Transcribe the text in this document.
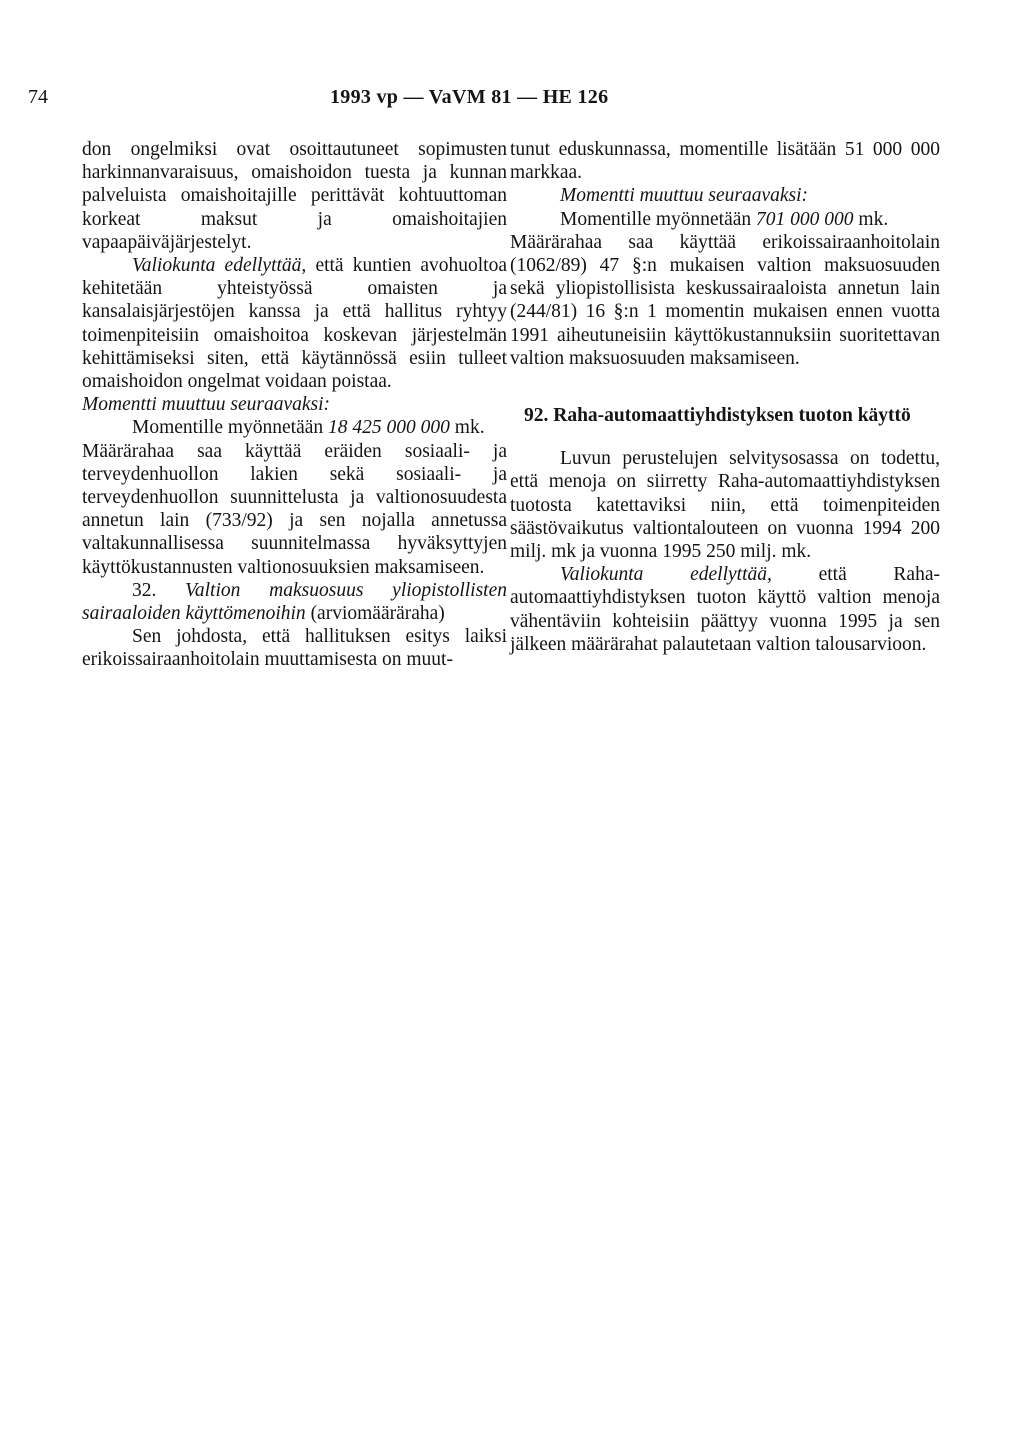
74	1993 vp — VaVM 81 — HE 126

don ongelmiksi ovat osoittautuneet sopimusten harkinnanvaraisuus, omaishoidon tuesta ja kunnan palveluista omaishoitajille perittävät kohtuuttoman korkeat maksut ja omaishoitajien vapaapäiväjärjestelyt.

Valiokunta edellyttää, että kuntien avohuoltoa kehitetään yhteistyössä omaisten ja kansalaisjärjestöjen kanssa ja että hallitus ryhtyy toimenpiteisiin omaishoitoa koskevan järjestelmän kehittämiseksi siten, että käytännössä esiin tulleet omaishoidon ongelmat voidaan poistaa.

Momentti muuttuu seuraavaksi:

Momentille myönnetään 18 425 000 000 mk.

Määrärahaa saa käyttää eräiden sosiaali- ja terveydenhuollon lakien sekä sosiaali- ja terveydenhuollon suunnittelusta ja valtionosuudesta annetun lain (733/92) ja sen nojalla annetussa valtakunnallisessa suunnitelmassa hyväksyttyjen käyttökustannusten valtionosuuksien maksamiseen.

32. Valtion maksuosuus yliopistollisten sairaaloiden käyttömenoihin (arviomääräraha)

Sen johdosta, että hallituksen esitys laiksi erikoissairaanhoitolain muuttamisesta on muut-

tunut eduskunnassa, momentille lisätään 51 000 000 markkaa.

Momentti muuttuu seuraavaksi:

Momentille myönnetään 701 000 000 mk.

Määrärahaa saa käyttää erikoissairaanhoitolain (1062/89) 47 §:n mukaisen valtion maksuosuuden sekä yliopistollisista keskussairaaloista annetun lain (244/81) 16 §:n 1 momentin mukaisen ennen vuotta 1991 aiheutuneisiin käyttökustannuksiin suoritettavan valtion maksuosuuden maksamiseen.

92. Raha-automaattiyhdistyksen tuoton käyttö

Luvun perustelujen selvitysosassa on todettu, että menoja on siirretty Raha-automaattiyhdistyksen tuotosta katettaviksi niin, että toimenpiteiden säästövaikutus valtiontalouteen on vuonna 1994 200 milj. mk ja vuonna 1995 250 milj. mk.

Valiokunta edellyttää, että Raha-automaattiyhdistyksen tuoton käyttö valtion menoja vähentäviin kohteisiin päättyy vuonna 1995 ja sen jälkeen määrärahat palautetaan valtion talousarvioon.
